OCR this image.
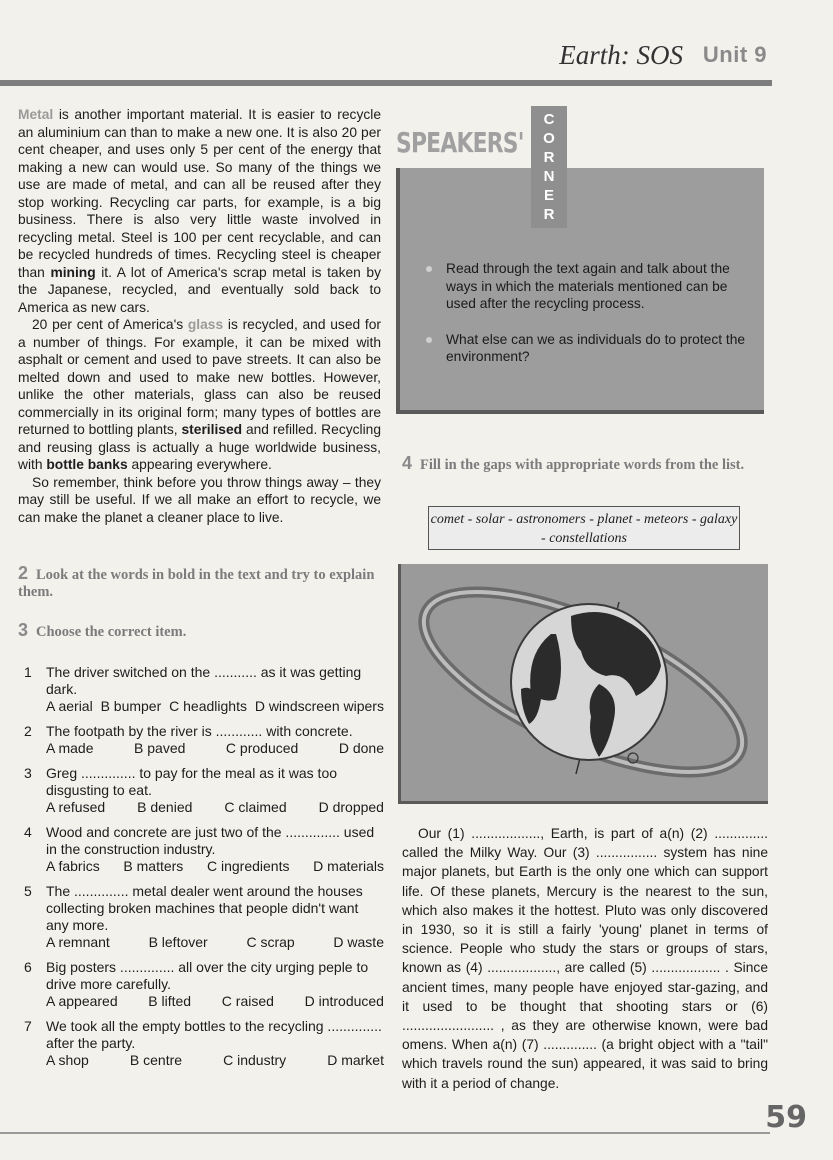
Earth: SOS Unit 9

Metal is another important material. It is easier to recycle an aluminium can than to make a new one. It is also 20 per cent cheaper, and uses only 5 per cent of the energy that making a new can would use. So many of the things we use are made of metal, and can all be reused after they stop working. Recycling car parts, for example, is a big business. There is also very little waste involved in recycling metal. Steel is 100 per cent recyclable, and can be recycled hundreds of times. Recycling steel is cheaper than mining it. A lot of America's scrap metal is taken by the Japanese, recycled, and eventually sold back to America as new cars.

20 per cent of America's glass is recycled, and used for a number of things. For example, it can be mixed with asphalt or cement and used to pave streets. It can also be melted down and used to make new bottles. However, unlike the other materials, glass can also be reused commercially in its original form; many types of bottles are returned to bottling plants, sterilised and refilled. Recycling and reusing glass is actually a huge worldwide business, with bottle banks appearing everywhere.

So remember, think before you throw things away – they may still be useful. If we all make an effort to recycle, we can make the planet a cleaner place to live.

2 Look at the words in bold in the text and try to explain them.
3 Choose the correct item.
1 The driver switched on the ........... as it was getting dark.
A aerial B bumper C headlights D windscreen wipers
2 The footpath by the river is ............ with concrete.
A made	B paved	C produced	D done
3 Greg .............. to pay for the meal as it was too disgusting to eat.
A refused B denied C claimed D dropped
4 Wood and concrete are just two of the .............. used in the construction industry.
A fabrics B matters C ingredients D materials
5 The .............. metal dealer went around the houses collecting broken machines that people didn't want any more.
A remnant	B leftover	C scrap	D waste
6 Big posters .............. all over the city urging peple to drive more carefully.
A appeared B lifted C raised D introduced
7 We took all the empty bottles to the recycling .............. after the party.
A shop	B centre	C industry	D market
Read through the text again and talk about the ways in which the materials mentioned can be used after the recycling process.
What else can we as individuals do to protect the environment?
SPEAKERS'
C
O
R
N
E
R
4 Fill in the gaps with appropriate words from the list.
comet - solar - astronomers - planet - meteors - galaxy - constellations

Our (1) .................., Earth, is part of a(n) (2) .............. called the Milky Way. Our (3) ................ system has nine major planets, but Earth is the only one which can support life. Of these planets, Mercury is the nearest to the sun, which also makes it the hottest. Pluto was only discovered in 1930, so it is still a fairly 'young' planet in terms of science. People who study the stars or groups of stars, known as (4) .................., are called (5) .................. . Since ancient times, many people have enjoyed star-gazing, and it used to be thought that shooting stars or (6) ........................ , as they are otherwise known, were bad omens. When a(n) (7) .............. (a bright object with a "tail" which travels round the sun) appeared, it was said to bring with it a period of change.

59
